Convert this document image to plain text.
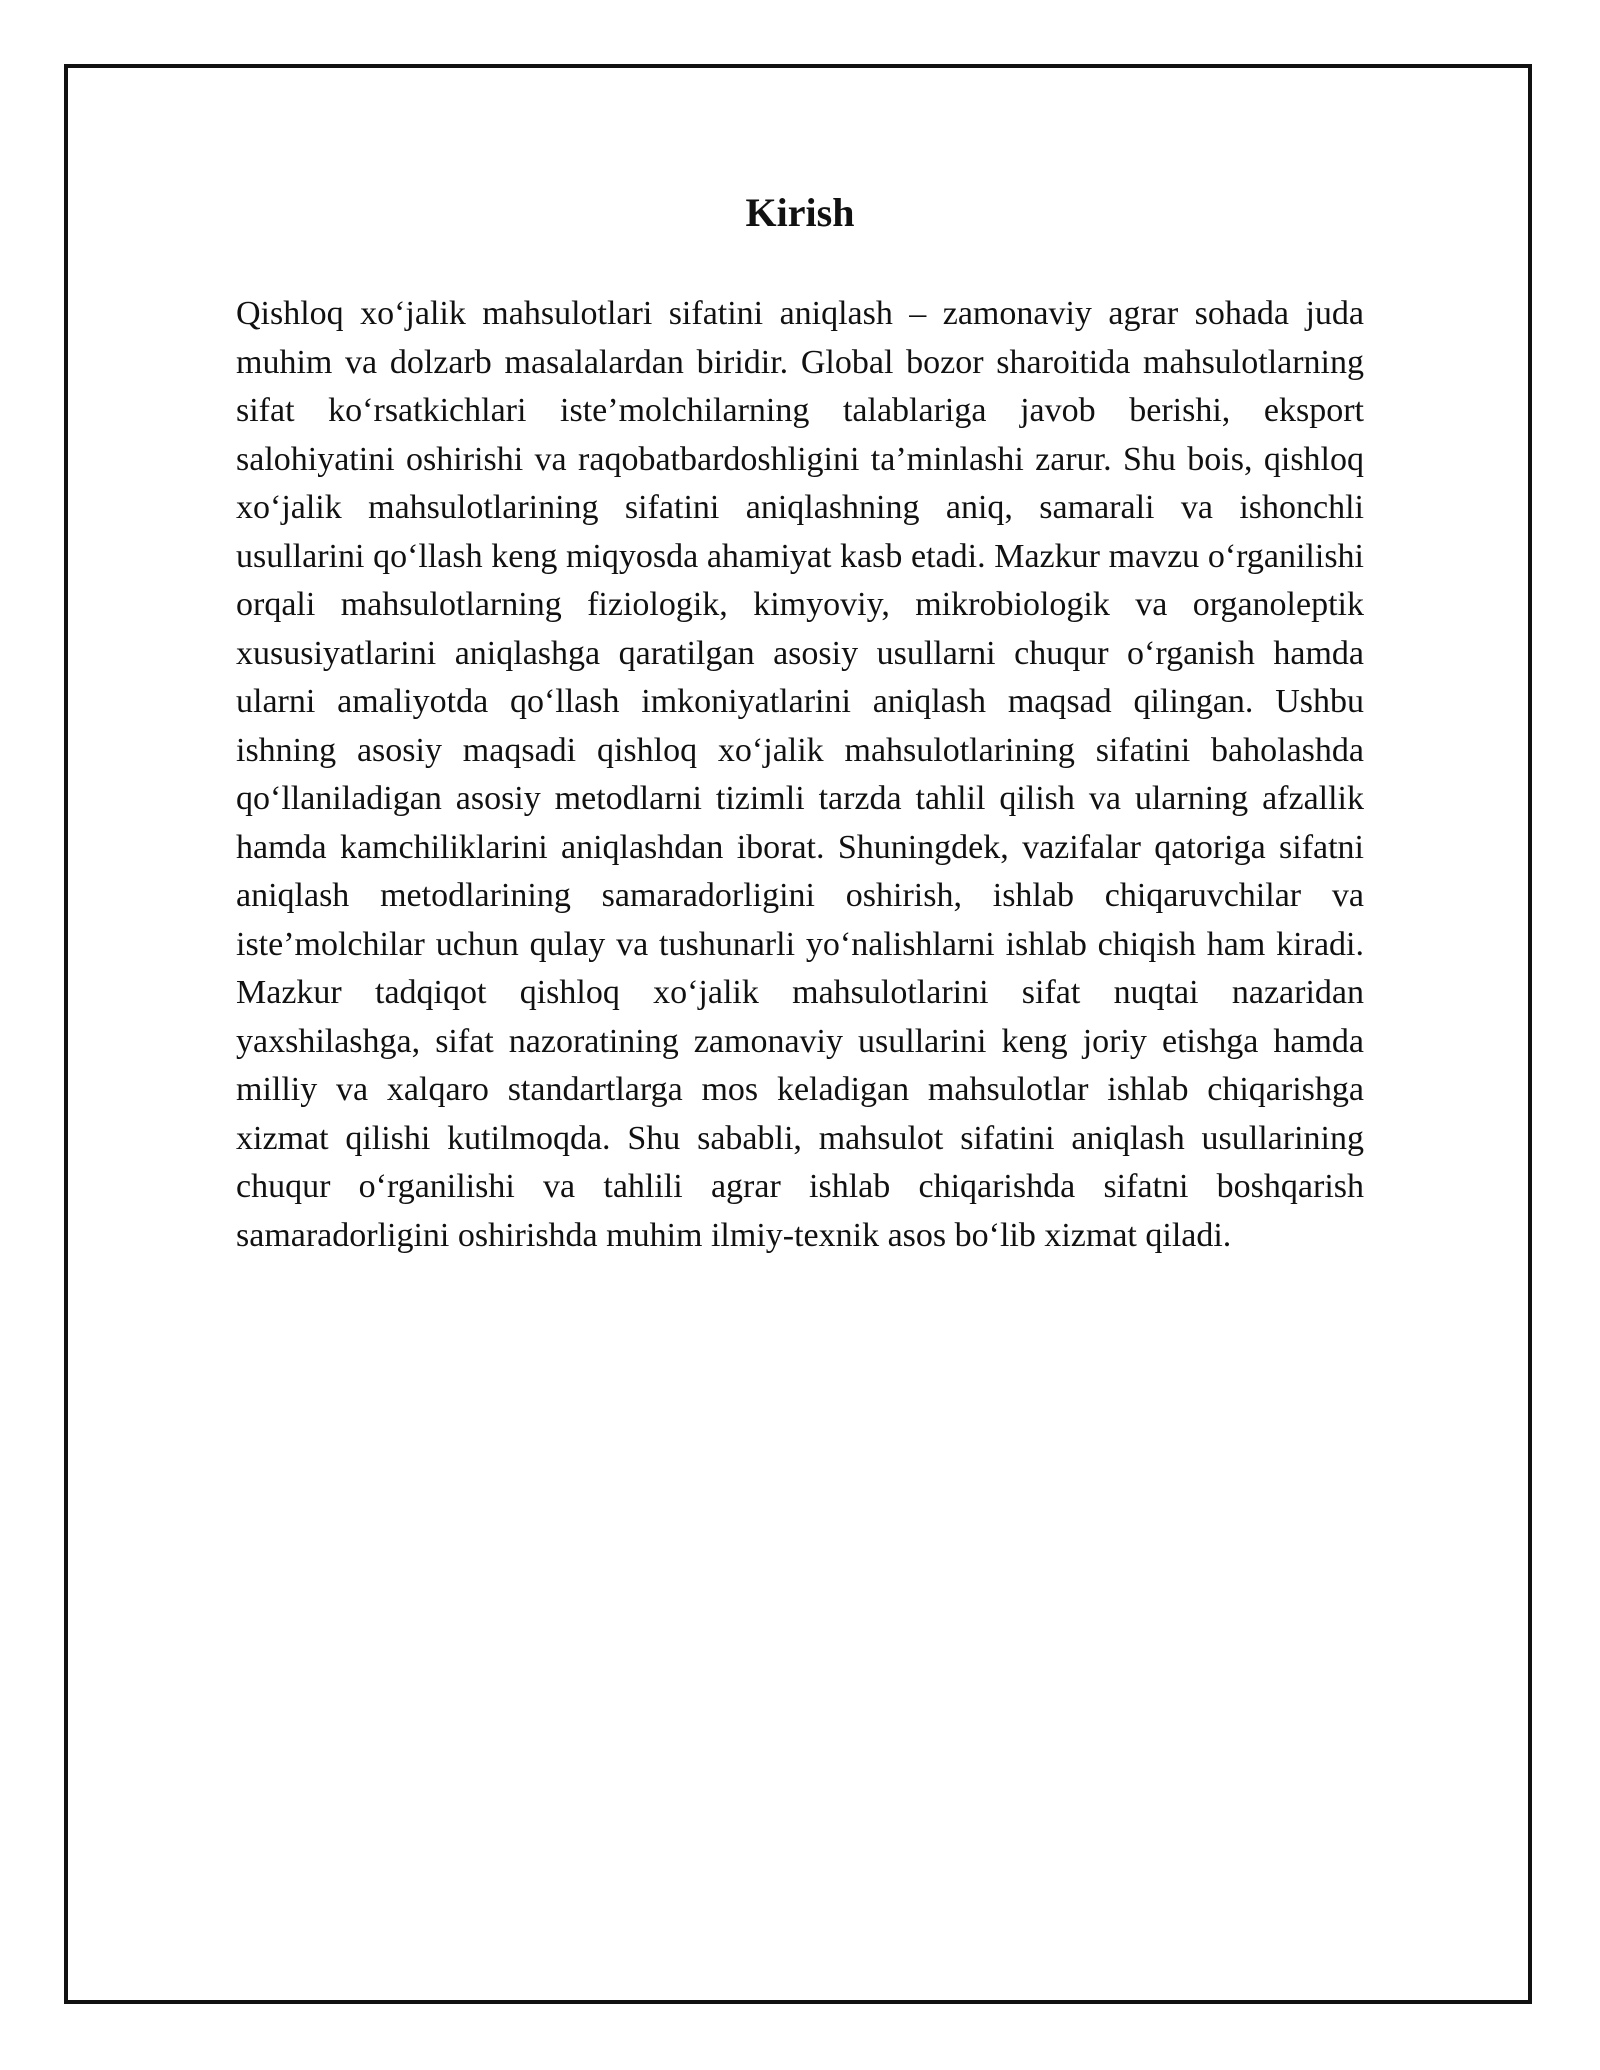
Kirish

Qishloq xo‘jalik mahsulotlari sifatini aniqlash – zamonaviy agrar sohada juda muhim va dolzarb masalalardan biridir. Global bozor sharoitida mahsulotlarning sifat ko‘rsatkichlari iste’molchilarning talablariga javob berishi, eksport salohiyatini oshirishi va raqobatbardoshligini ta’minlashi zarur. Shu bois, qishloq xo‘jalik mahsulotlarining sifatini aniqlashning aniq, samarali va ishonchli usullarini qo‘llash keng miqyosda ahamiyat kasb etadi. Mazkur mavzu o‘rganilishi orqali mahsulotlarning fiziologik, kimyoviy, mikrobiologik va organoleptik xususiyatlarini aniqlashga qaratilgan asosiy usullarni chuqur o‘rganish hamda ularni amaliyotda qo‘llash imkoniyatlarini aniqlash maqsad qilingan. Ushbu ishning asosiy maqsadi qishloq xo‘jalik mahsulotlarining sifatini baholashda qo‘llaniladigan asosiy metodlarni tizimli tarzda tahlil qilish va ularning afzallik hamda kamchiliklarini aniqlashdan iborat. Shuningdek, vazifalar qatoriga sifatni aniqlash metodlarining samaradorligini oshirish, ishlab chiqaruvchilar va iste’molchilar uchun qulay va tushunarli yo‘nalishlarni ishlab chiqish ham kiradi. Mazkur tadqiqot qishloq xo‘jalik mahsulotlarini sifat nuqtai nazaridan yaxshilashga, sifat nazoratining zamonaviy usullarini keng joriy etishga hamda milliy va xalqaro standartlarga mos keladigan mahsulotlar ishlab chiqarishga xizmat qilishi kutilmoqda. Shu sababli, mahsulot sifatini aniqlash usullarining chuqur o‘rganilishi va tahlili agrar ishlab chiqarishda sifatni boshqarish samaradorligini oshirishda muhim ilmiy-texnik asos bo‘lib xizmat qiladi.
